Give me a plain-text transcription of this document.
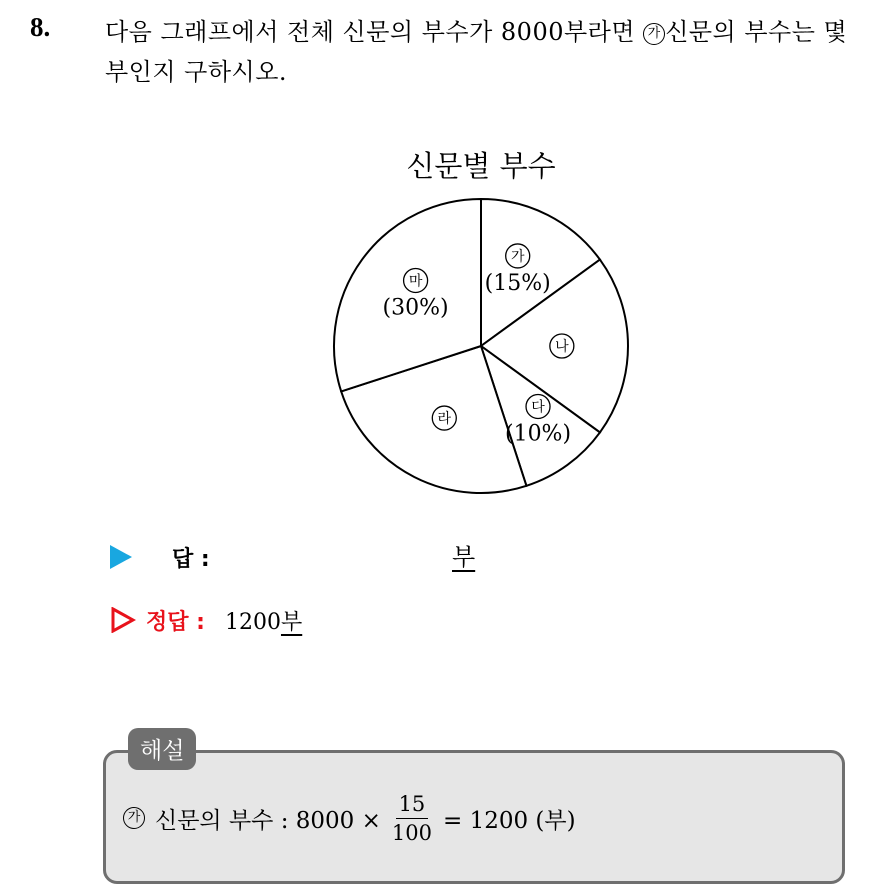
8. 다음 그래프에서 전체 신문의 부수가 8000부라면 가 신문의 부수는 몇 부인지 구하시오.
신문별 부수
가
(15%)
나
다
(10%)
라
마
(30%)
답 :	부
정답 : 1200부
해설
가 신문의 부수 : $8000 \times \frac{15}{100} = 1200$ (부)
